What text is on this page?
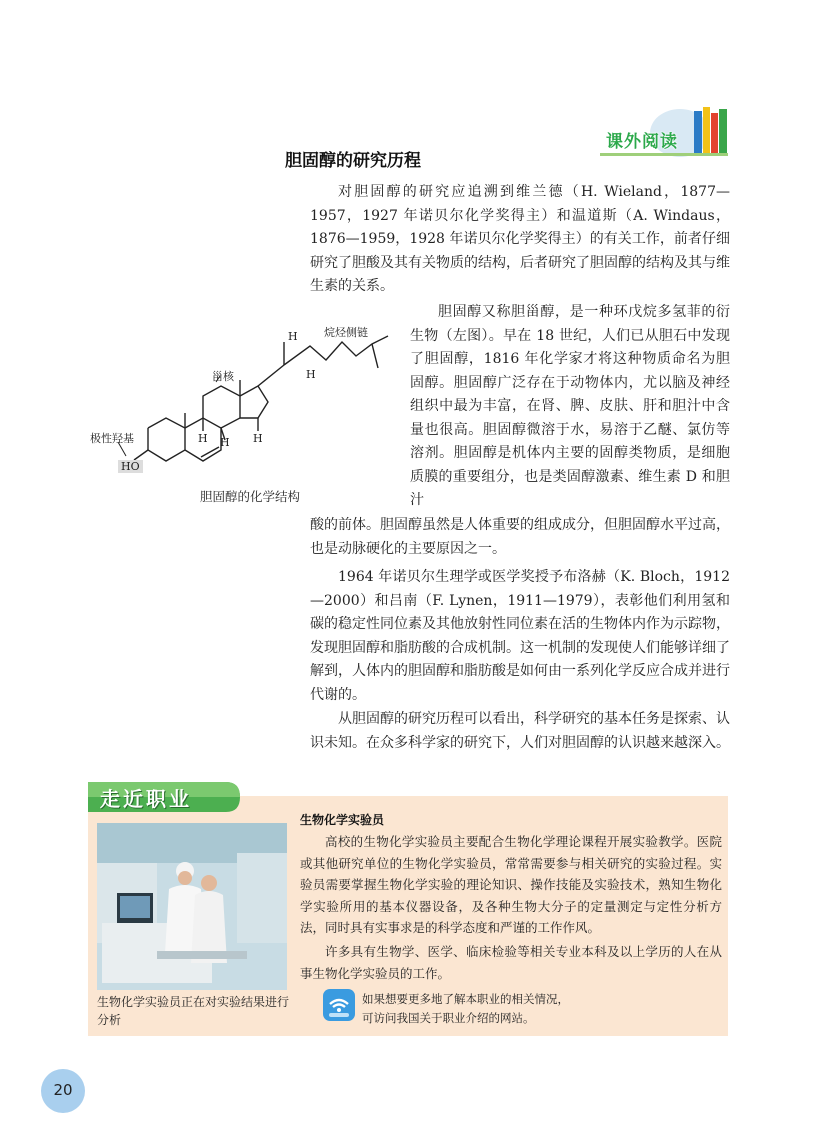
课外阅读
胆固醇的研究历程

对胆固醇的研究应追溯到维兰德（H. Wieland，1877—1957，1927 年诺贝尔化学奖得主）和温道斯（A. Windaus，1876—1959，1928 年诺贝尔化学奖得主）的有关工作，前者仔细研究了胆酸及其有关物质的结构，后者研究了胆固醇的结构及其与维生素的关系。

胆固醇又称胆甾醇，是一种环戊烷多氢菲的衍生物（左图）。早在 18 世纪，人们已从胆石中发现了胆固醇，1816 年化学家才将这种物质命名为胆固醇。胆固醇广泛存在于动物体内，尤以脑及神经组织中最为丰富，在肾、脾、皮肤、肝和胆汁中含量也很高。胆固醇微溶于水，易溶于乙醚、氯仿等溶剂。胆固醇是机体内主要的固醇类物质，是细胞质膜的重要组分，也是类固醇激素、维生素 D 和胆汁

酸的前体。胆固醇虽然是人体重要的组成成分，但胆固醇水平过高，也是动脉硬化的主要原因之一。

1964 年诺贝尔生理学或医学奖授予布洛赫（K. Bloch，1912—2000）和吕南（F. Lynen，1911—1979），表彰他们利用氢和碳的稳定性同位素及其他放射性同位素在活的生物体内作为示踪物，发现胆固醇和脂肪酸的合成机制。这一机制的发现使人们能够详细了解到，人体内的胆固醇和脂肪酸是如何由一系列化学反应合成并进行代谢的。

从胆固醇的研究历程可以看出，科学研究的基本任务是探索、认识未知。在众多科学家的研究下，人们对胆固醇的认识越来越深入。

烷烃侧链
甾核
极性羟基
HO
H
H
H
H	H
胆固醇的化学结构
走近职业
生物化学实验员正在对实验结果进行分析
生物化学实验员

高校的生物化学实验员主要配合生物化学理论课程开展实验教学。医院或其他研究单位的生物化学实验员，常常需要参与相关研究的实验过程。实验员需要掌握生物化学实验的理论知识、操作技能及实验技术，熟知生物化学实验所用的基本仪器设备，及各种生物大分子的定量测定与定性分析方法，同时具有实事求是的科学态度和严谨的工作作风。

许多具有生物学、医学、临床检验等相关专业本科及以上学历的人在从事生物化学实验员的工作。

如果想要更多地了解本职业的相关情况，
可访问我国关于职业介绍的网站。
20
